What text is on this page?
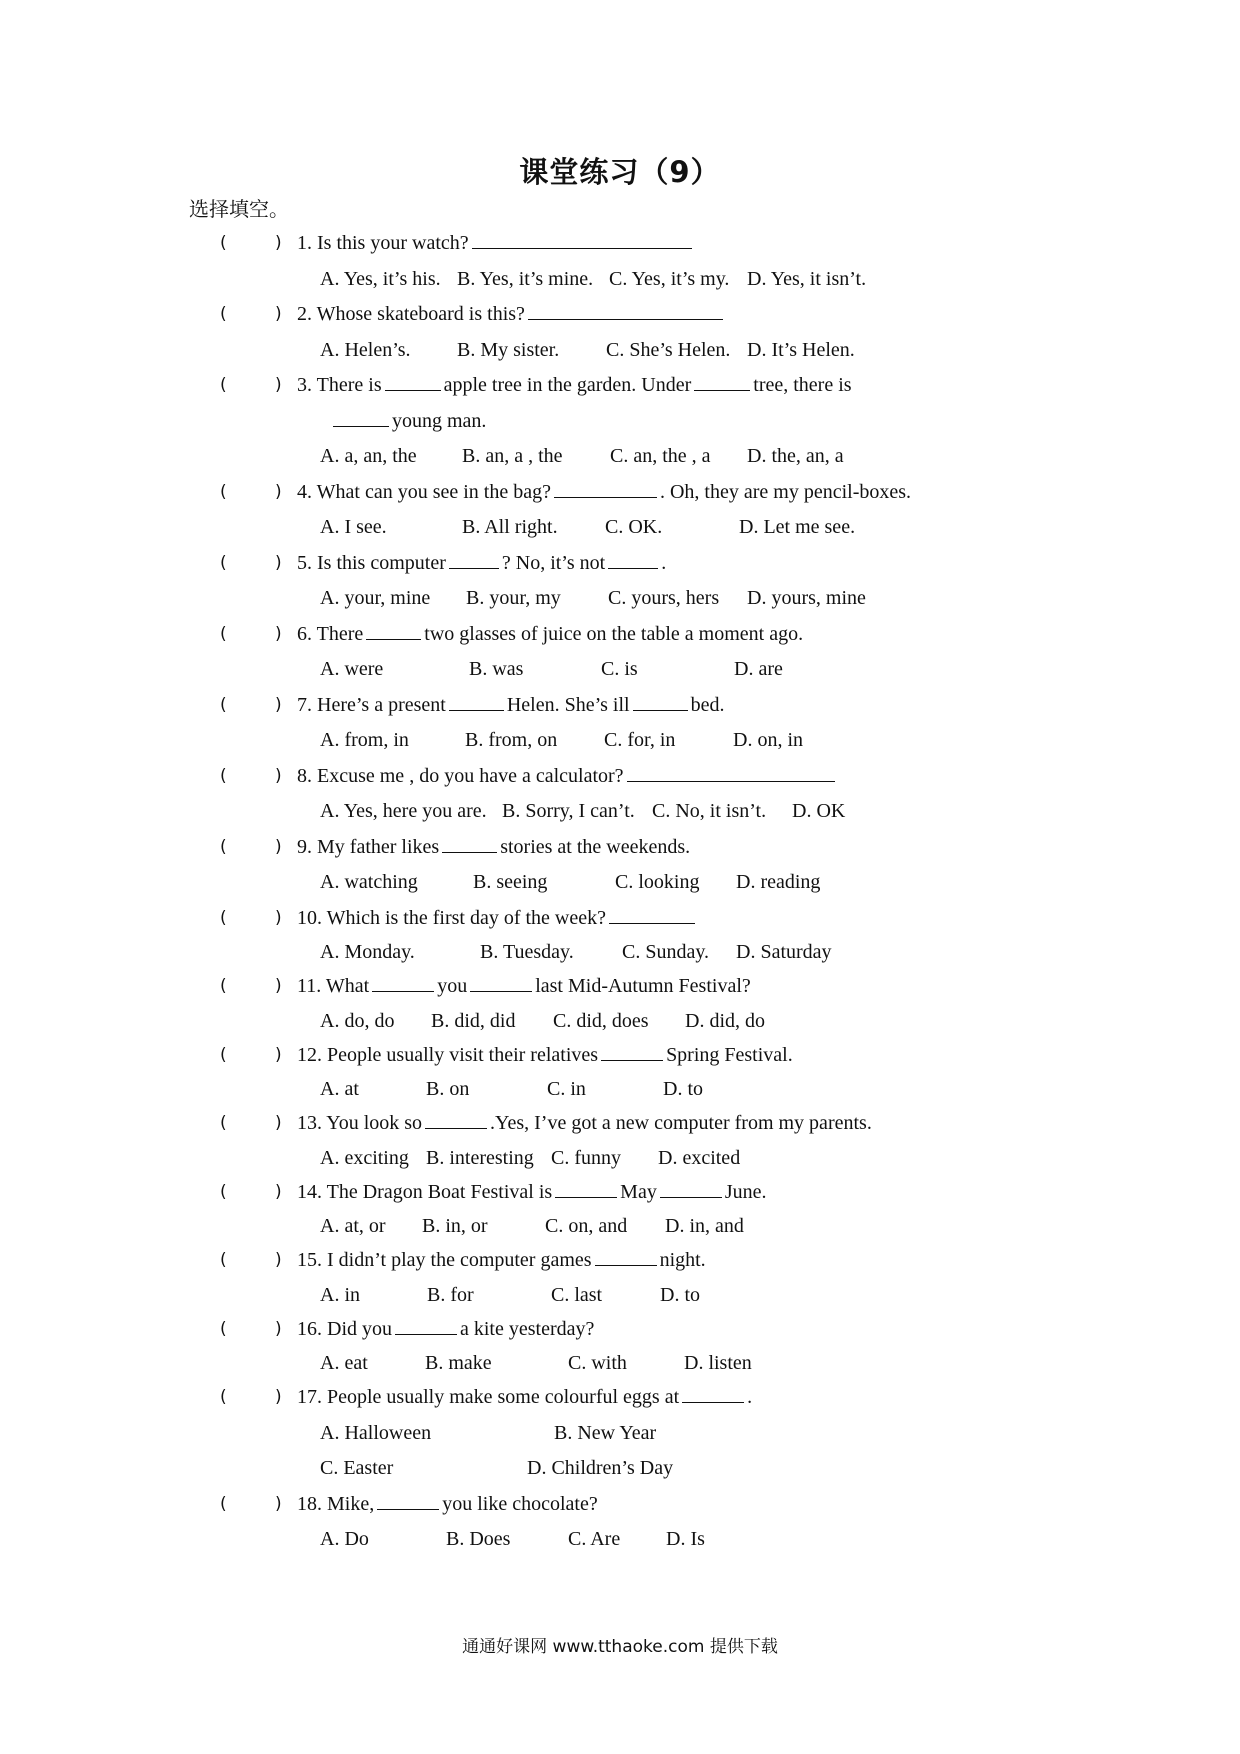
课堂练习（9）
选择填空。
(	) 1. Is this your watch?
A. Yes, it’s his. B. Yes, it’s mine. C. Yes, it’s my. D. Yes, it isn’t.
(	) 2. Whose skateboard is this?
A. Helen’s. B. My sister. C. She’s Helen. D. It’s Helen.
(	) 3. There is	apple tree in the garden. Under	tree, there is
young man.
A. a, an, the B. an, a , the C. an, the , a D. the, an, a
(	) 4. What can you see in the bag?	. Oh, they are my pencil-boxes.
A. I see.	B. All right. C. OK.	D. Let me see.
(	) 5. Is this computer	? No, it’s not	.
A. your, mine B. your, my C. yours, hers D. yours, mine
(	) 6. There	two glasses of juice on the table a moment ago.
A. were	B. was	C. is	D. are
(	) 7. Here’s a present	Helen. She’s ill	bed.
A. from, in	B. from, on C. for, in	D. on, in
(	) 8. Excuse me , do you have a calculator?
A. Yes, here you are. B. Sorry, I can’t. C. No, it isn’t. D. OK
(	) 9. My father likes	stories at the weekends.
A. watching	B. seeing	C. looking D. reading
(	) 10. Which is the first day of the week?
A. Monday.	B. Tuesday. C. Sunday. D. Saturday
(	) 11. What	you	last Mid-Autumn Festival?
A. do, do B. did, did C. did, does D. did, do
(	) 12. People usually visit their relatives	Spring Festival.
A. at	B. on	C. in	D. to
(	) 13. You look so	.Yes, I’ve got a new computer from my parents.
A. exciting B. interesting C. funny D. excited
(	) 14. The Dragon Boat Festival is	May	June.
A. at, or B. in, or	C. on, and D. in, and
(	) 15. I didn’t play the computer games	night.
A. in	B. for	C. last	D. to
(	) 16. Did you	a kite yesterday?
A. eat	B. make	C. with	D. listen
(	) 17. People usually make some colourful eggs at	.
A. Halloween	B. New Year
C. Easter	D. Children’s Day
(	) 18. Mike,	you like chocolate?
A. Do	B. Does	C. Are D. Is
通通好课网 www.tthaoke.com 提供下载
